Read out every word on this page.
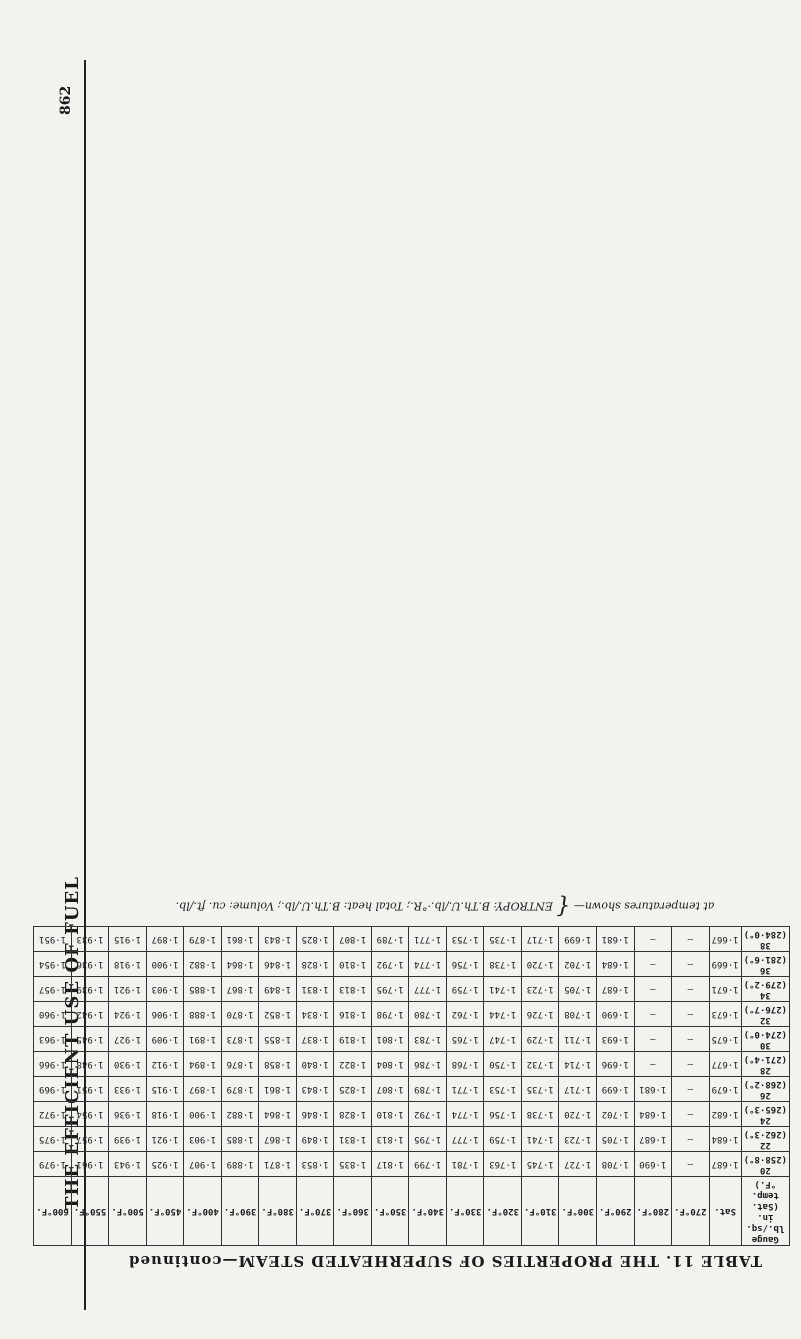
862
THE EFFICIENT USE OF FUEL
TABLE 11. THE PROPERTIES OF SUPERHEATED STEAM—continued
Gauge lb./sq. in. (Sat. temp. °F.)	Sat.	270°F.	280°F.	290°F.	300°F.	310°F.	320°F.	330°F.	340°F.	350°F.	360°F.	370°F.	380°F.	390°F.	400°F.	450°F.	500°F.	550°F.	600°F.

20
(258·8°)	1·687	—	1·690	1·708	1·727	1·745	1·763	1·781	1·799	1·817	1·835	1·853	1·871	1·889	1·907	1·925	1·943	1·961	1·979

22
(262·3°)	1·684	—	1·687	1·705	1·723	1·741	1·759	1·777	1·795	1·813	1·831	1·849	1·867	1·885	1·903	1·921	1·939	1·957	1·975

24
(265·3°)	1·682	—	1·684	1·702	1·720	1·738	1·756	1·774	1·792	1·810	1·828	1·846	1·864	1·882	1·900	1·918	1·936	1·954	1·972

26
(268·2°)	1·679	—	1·681	1·699	1·717	1·735	1·753	1·771	1·789	1·807	1·825	1·843	1·861	1·879	1·897	1·915	1·933	1·951	1·969

28
(271·4°)	1·677	—	—	1·696	1·714	1·732	1·750	1·768	1·786	1·804	1·822	1·840	1·858	1·876	1·894	1·912	1·930	1·948	1·966

30
(274·0°)	1·675	—	—	1·693	1·711	1·729	1·747	1·765	1·783	1·801	1·819	1·837	1·855	1·873	1·891	1·909	1·927	1·945	1·963

32
(276·7°)	1·673	—	—	1·690	1·708	1·726	1·744	1·762	1·780	1·798	1·816	1·834	1·852	1·870	1·888	1·906	1·924	1·942	1·960

34
(279·2°)	1·671	—	—	1·687	1·705	1·723	1·741	1·759	1·777	1·795	1·813	1·831	1·849	1·867	1·885	1·903	1·921	1·939	1·957

36
(281·6°)	1·669	—	—	1·684	1·702	1·720	1·738	1·756	1·774	1·792	1·810	1·828	1·846	1·864	1·882	1·900	1·918	1·936	1·954

38
(284·0°)	1·667	—	—	1·681	1·699	1·717	1·735	1·753	1·771	1·789	1·807	1·825	1·843	1·861	1·879	1·897	1·915	1·933	1·951
at temperatures shown— { ENTROPY: B.Th.U./lb.·°R.; Total heat: B.Th.U./lb.; Volume: cu. ft./lb.
